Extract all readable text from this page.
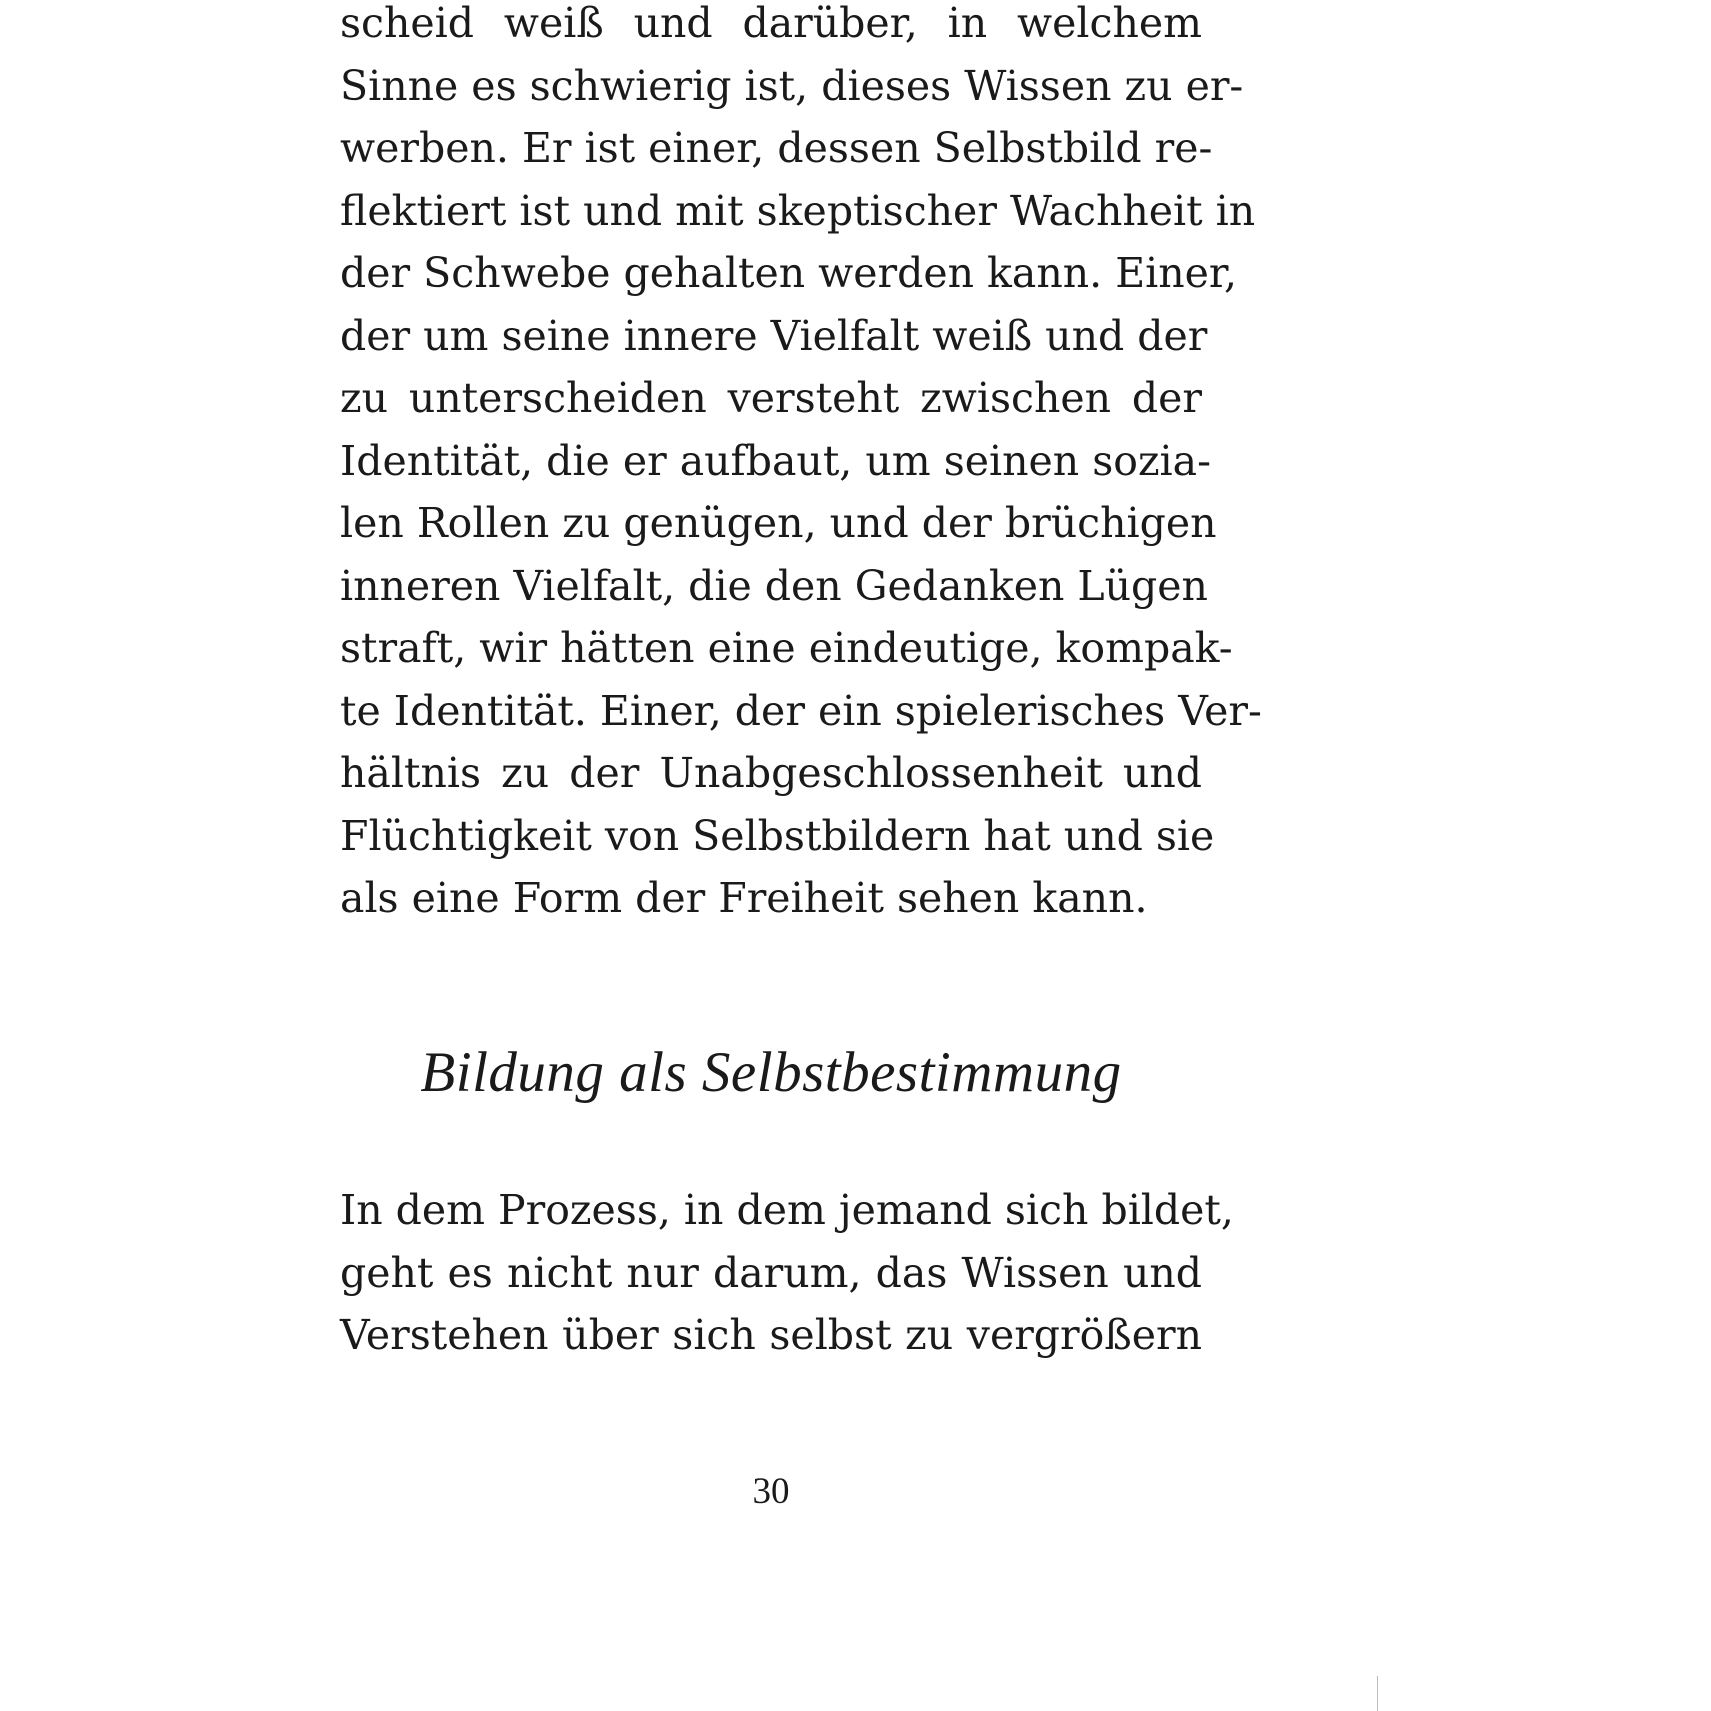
scheid weiß und darüber, in welchem
Sinne es schwierig ist, dieses Wissen zu er-
werben. Er ist einer, dessen Selbstbild re-
flektiert ist und mit skeptischer Wachheit in
der Schwebe gehalten werden kann. Einer,
der um seine innere Vielfalt weiß und der
zu unterscheiden versteht zwischen der
Identität, die er aufbaut, um seinen sozia-
len Rollen zu genügen, und der brüchigen
inneren Vielfalt, die den Gedanken Lügen
straft, wir hätten eine eindeutige, kompak-
te Identität. Einer, der ein spielerisches Ver-
hältnis zu der Unabgeschlossenheit und
Flüchtigkeit von Selbstbildern hat und sie
als eine Form der Freiheit sehen kann.
Bildung als Selbstbestimmung
In dem Prozess, in dem jemand sich bildet,
geht es nicht nur darum, das Wissen und
Verstehen über sich selbst zu vergrößern
30
